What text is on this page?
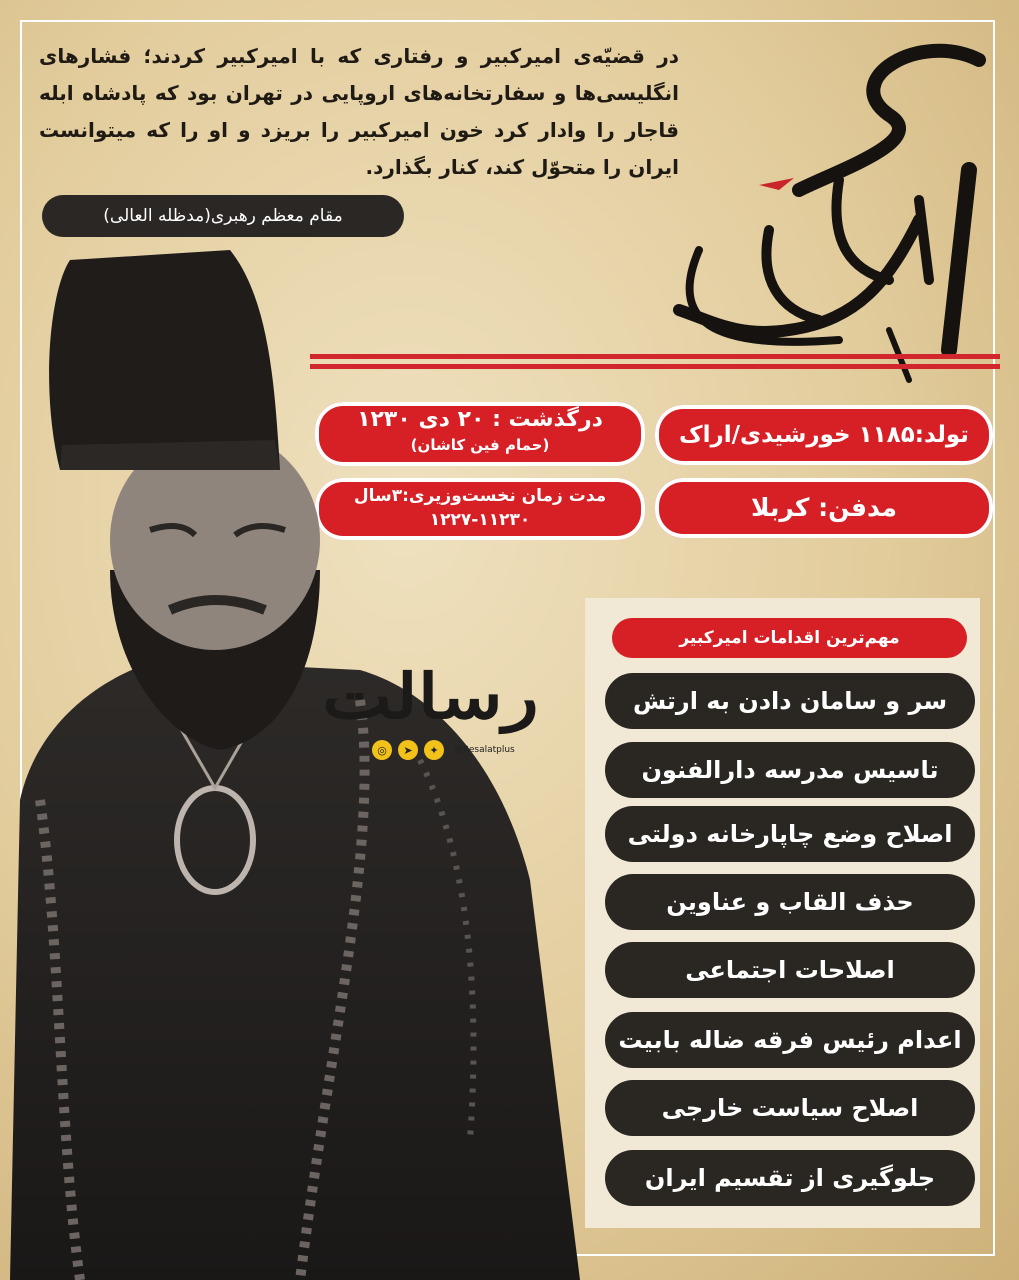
در قضیّه‌ی امیرکبیر و رفتاری که با امیرکبیر کردند؛ فشارهای انگلیسی‌ها و سفارتخانه‌های اروپایی در تهران بود که پادشاه ابله قاجار را وادار کرد خون امیرکبیر را بریزد و او را که میتوانست ایران را متحوّل کند، کنار بگذارد.
مقام معظم رهبری(مدظله العالی)
تولد:۱۱۸۵ خورشیدی/اراک
مدفن: کربلا
درگذشت : ۲۰ دی ۱۲۳۰
(حمام فین کاشان)
مدت زمان نخست‌وزیری:۳سال
۱۲۲۷-۱۱۲۳۰
مهم‌ترین اقدامات امیرکبیر
سر و سامان دادن به ارتش
تاسیس مدرسه دارالفنون
اصلاح وضع چاپارخانه دولتی
حذف القاب و عناوین
اصلاحات اجتماعی
اعدام رئیس فرقه ضاله بابیت
اصلاح سیاست خارجی
جلوگیری از تقسیم ایران
رسالت
◎	➤	✦	@Resalatplus
